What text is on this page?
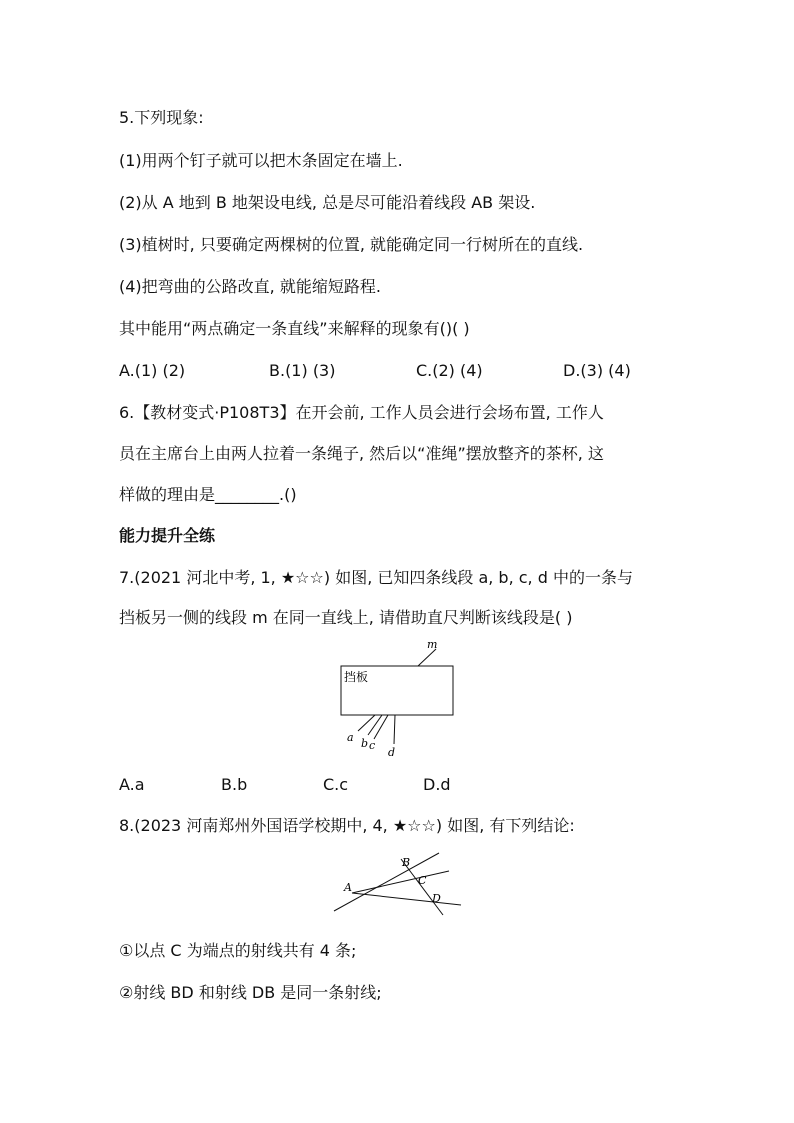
5.下列现象:
(1)用两个钉子就可以把木条固定在墙上.
(2)从 A 地到 B 地架设电线, 总是尽可能沿着线段 AB 架设.
(3)植树时, 只要确定两棵树的位置, 就能确定同一行树所在的直线.
(4)把弯曲的公路改直, 就能缩短路程.
其中能用“两点确定一条直线”来解释的现象有()( )
A.(1) (2)	B.(1) (3)	C.(2) (4)	D.(3) (4)
6.【教材变式·P108T3】在开会前, 工作人员会进行会场布置, 工作人
员在主席台上由两人拉着一条绳子, 然后以“准绳”摆放整齐的茶杯, 这
样做的理由是________.()
能力提升全练
7.(2021 河北中考, 1, ★☆☆) 如图, 已知四条线段 a, b, c, d 中的一条与
挡板另一侧的线段 m 在同一直线上, 请借助直尺判断该线段是( )
挡板
m
a b c
d
A.a	B.b	C.c	D.d
8.(2023 河南郑州外国语学校期中, 4, ★☆☆) 如图, 有下列结论:
A
B
C
D
①以点 C 为端点的射线共有 4 条;
②射线 BD 和射线 DB 是同一条射线;
